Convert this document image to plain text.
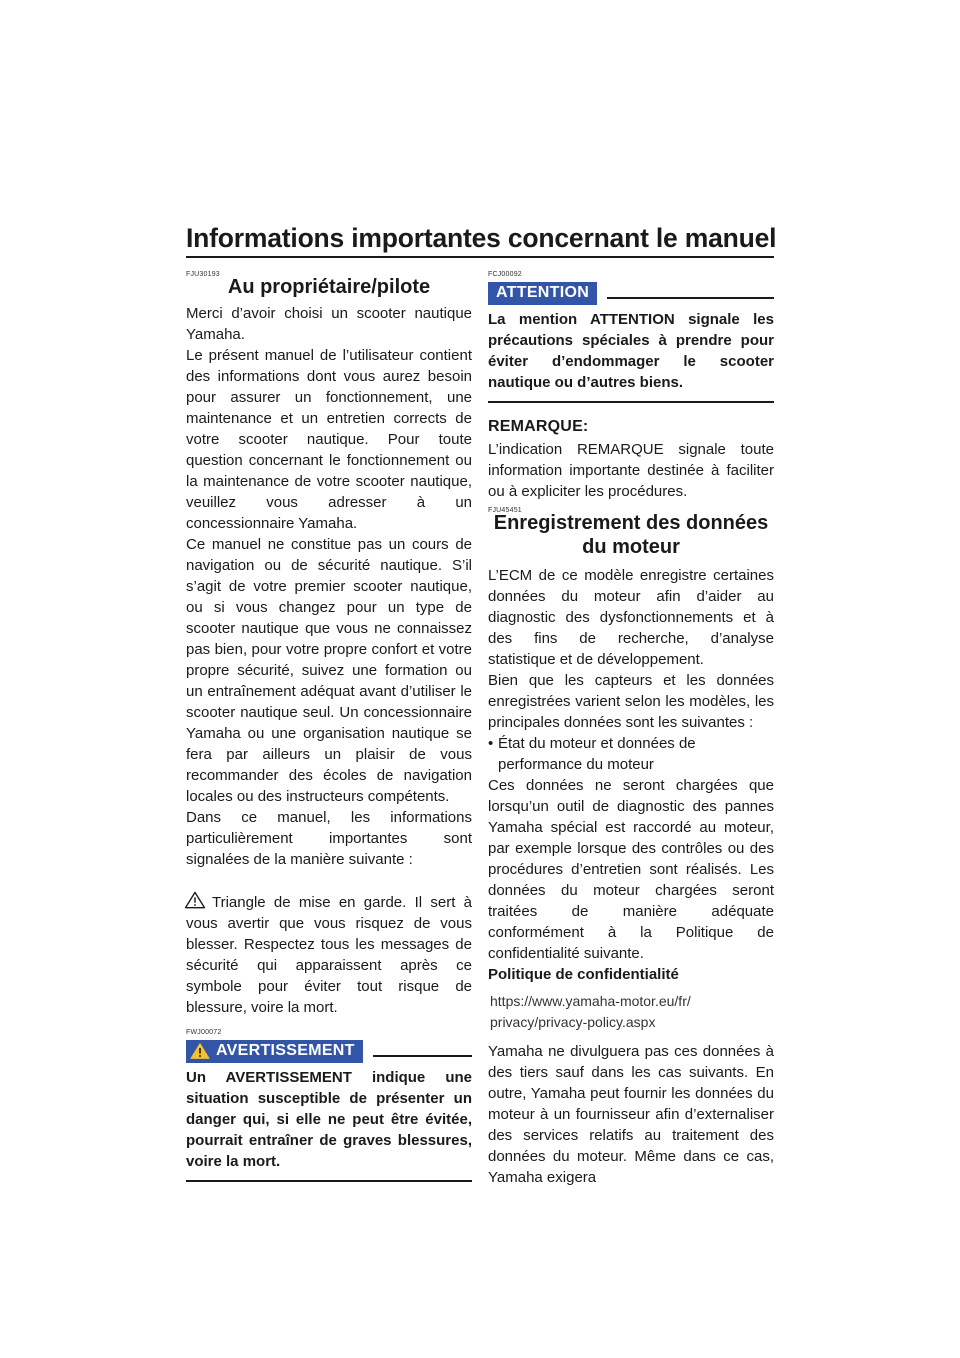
Informations importantes concernant le manuel
FJU30193
Au propriétaire/pilote

Merci d’avoir choisi un scooter nautique Yamaha.

Le présent manuel de l’utilisateur contient des informations dont vous aurez besoin pour assurer un fonctionnement, une maintenance et un entretien corrects de votre scooter nautique. Pour toute question concernant le fonctionnement ou la maintenance de votre scooter nautique, veuillez vous adresser à un concessionnaire Yamaha.

Ce manuel ne constitue pas un cours de navigation ou de sécurité nautique. S’il s’agit de votre premier scooter nautique, ou si vous changez pour un type de scooter nautique que vous ne connaissez pas bien, pour votre propre confort et votre propre sécurité, suivez une formation ou un entraînement adéquat avant d’utiliser le scooter nautique seul. Un concessionnaire Yamaha ou une organisation nautique se fera par ailleurs un plaisir de vous recommander des écoles de navigation locales ou des instructeurs compétents.

Dans ce manuel, les informations particulièrement importantes sont signalées de la manière suivante :

Triangle de mise en garde. Il sert à vous avertir que vous risquez de vous blesser. Respectez tous les messages de sécurité qui apparaissent après ce symbole pour éviter tout risque de blessure, voire la mort.

FWJ00072
AVERTISSEMENT

Un AVERTISSEMENT indique une situation susceptible de présenter un danger qui, si elle ne peut être évitée, pourrait entraîner de graves blessures, voire la mort.

FCJ00092
ATTENTION

La mention ATTENTION signale les précautions spéciales à prendre pour éviter d’endommager le scooter nautique ou d’autres biens.

REMARQUE:

L’indication REMARQUE signale toute information importante destinée à faciliter ou à expliciter les procédures.

FJU45451
Enregistrement des données
du moteur

L’ECM de ce modèle enregistre certaines données du moteur afin d’aider au diagnostic des dysfonctionnements et à des fins de recherche, d’analyse statistique et de développement.

Bien que les capteurs et les données enregistrées varient selon les modèles, les principales données sont les suivantes :

• État du moteur et données de performance du moteur

Ces données ne seront chargées que lorsqu’un outil de diagnostic des pannes Yamaha spécial est raccordé au moteur, par exemple lorsque des contrôles ou des procédures d’entretien sont réalisés. Les données du moteur chargées seront traitées de manière adéquate conformément à la Politique de confidentialité suivante.

Politique de confidentialité

https://www.yamaha-motor.eu/fr/
privacy/privacy-policy.aspx

Yamaha ne divulguera pas ces données à des tiers sauf dans les cas suivants. En outre, Yamaha peut fournir les données du moteur à un fournisseur afin d’externaliser des services relatifs au traitement des données du moteur. Même dans ce cas, Yamaha exigera
